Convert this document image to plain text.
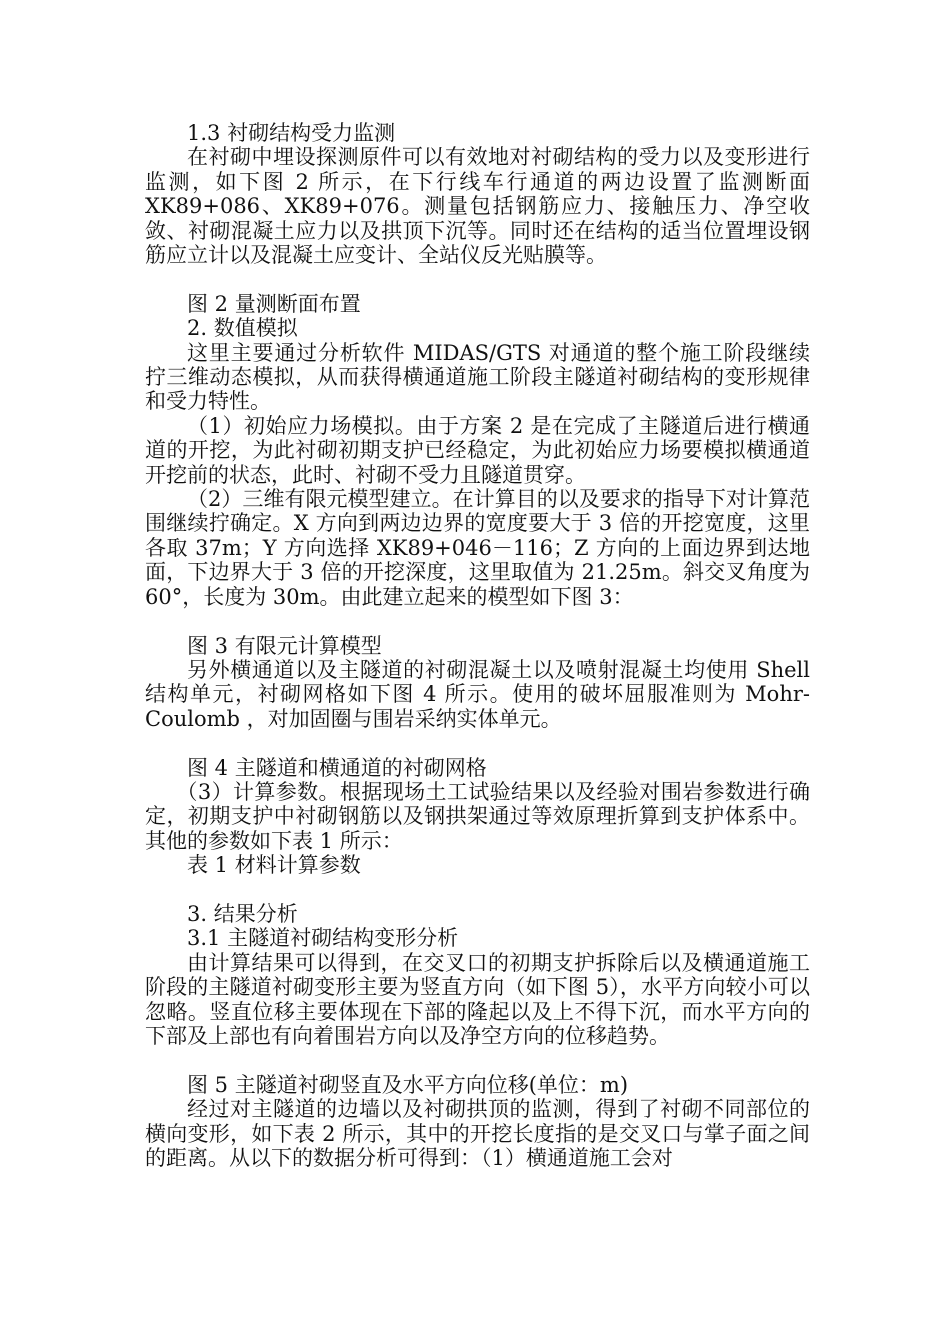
1.3 衬砌结构受力监测

在衬砌中埋设探测原件可以有效地对衬砌结构的受力以及变形进行监测，如下图 2 所示，在下行线车行通道的两边设置了监测断面 XK89+086、XK89+076。测量包括钢筋应力、接触压力、净空收敛、衬砌混凝土应力以及拱顶下沉等。同时还在结构的适当位置埋设钢筋应立计以及混凝土应变计、全站仪反光贴膜等。

图 2 量测断面布置

2. 数值模拟

这里主要通过分析软件 MIDAS/GTS 对通道的整个施工阶段继续拧三维动态模拟，从而获得横通道施工阶段主隧道衬砌结构的变形规律和受力特性。

（1）初始应力场模拟。由于方案 2 是在完成了主隧道后进行横通道的开挖，为此衬砌初期支护已经稳定，为此初始应力场要模拟横通道开挖前的状态，此时、衬砌不受力且隧道贯穿。

（2）三维有限元模型建立。在计算目的以及要求的指导下对计算范围继续拧确定。X 方向到两边边界的宽度要大于 3 倍的开挖宽度，这里各取 37m；Y 方向选择 XK89+046－116；Z 方向的上面边界到达地面，下边界大于 3 倍的开挖深度，这里取值为 21.25m。斜交叉角度为 60°，长度为 30m。由此建立起来的模型如下图 3：

图 3 有限元计算模型

另外横通道以及主隧道的衬砌混凝土以及喷射混凝土均使用 Shell 结构单元，衬砌网格如下图 4 所示。使用的破坏屈服准则为 Mohr-Coulomb ，对加固圈与围岩采纳实体单元。

图 4 主隧道和横通道的衬砌网格

（3）计算参数。根据现场土工试验结果以及经验对围岩参数进行确定，初期支护中衬砌钢筋以及钢拱架通过等效原理折算到支护体系中。其他的参数如下表 1 所示：

表 1 材料计算参数

3. 结果分析

3.1 主隧道衬砌结构变形分析

由计算结果可以得到，在交叉口的初期支护拆除后以及横通道施工阶段的主隧道衬砌变形主要为竖直方向（如下图 5），水平方向较小可以忽略。竖直位移主要体现在下部的隆起以及上不得下沉，而水平方向的下部及上部也有向着围岩方向以及净空方向的位移趋势。

图 5 主隧道衬砌竖直及水平方向位移(单位：m)

经过对主隧道的边墙以及衬砌拱顶的监测，得到了衬砌不同部位的横向变形，如下表 2 所示，其中的开挖长度指的是交叉口与掌子面之间的距离。从以下的数据分析可得到：（1）横通道施工会对
